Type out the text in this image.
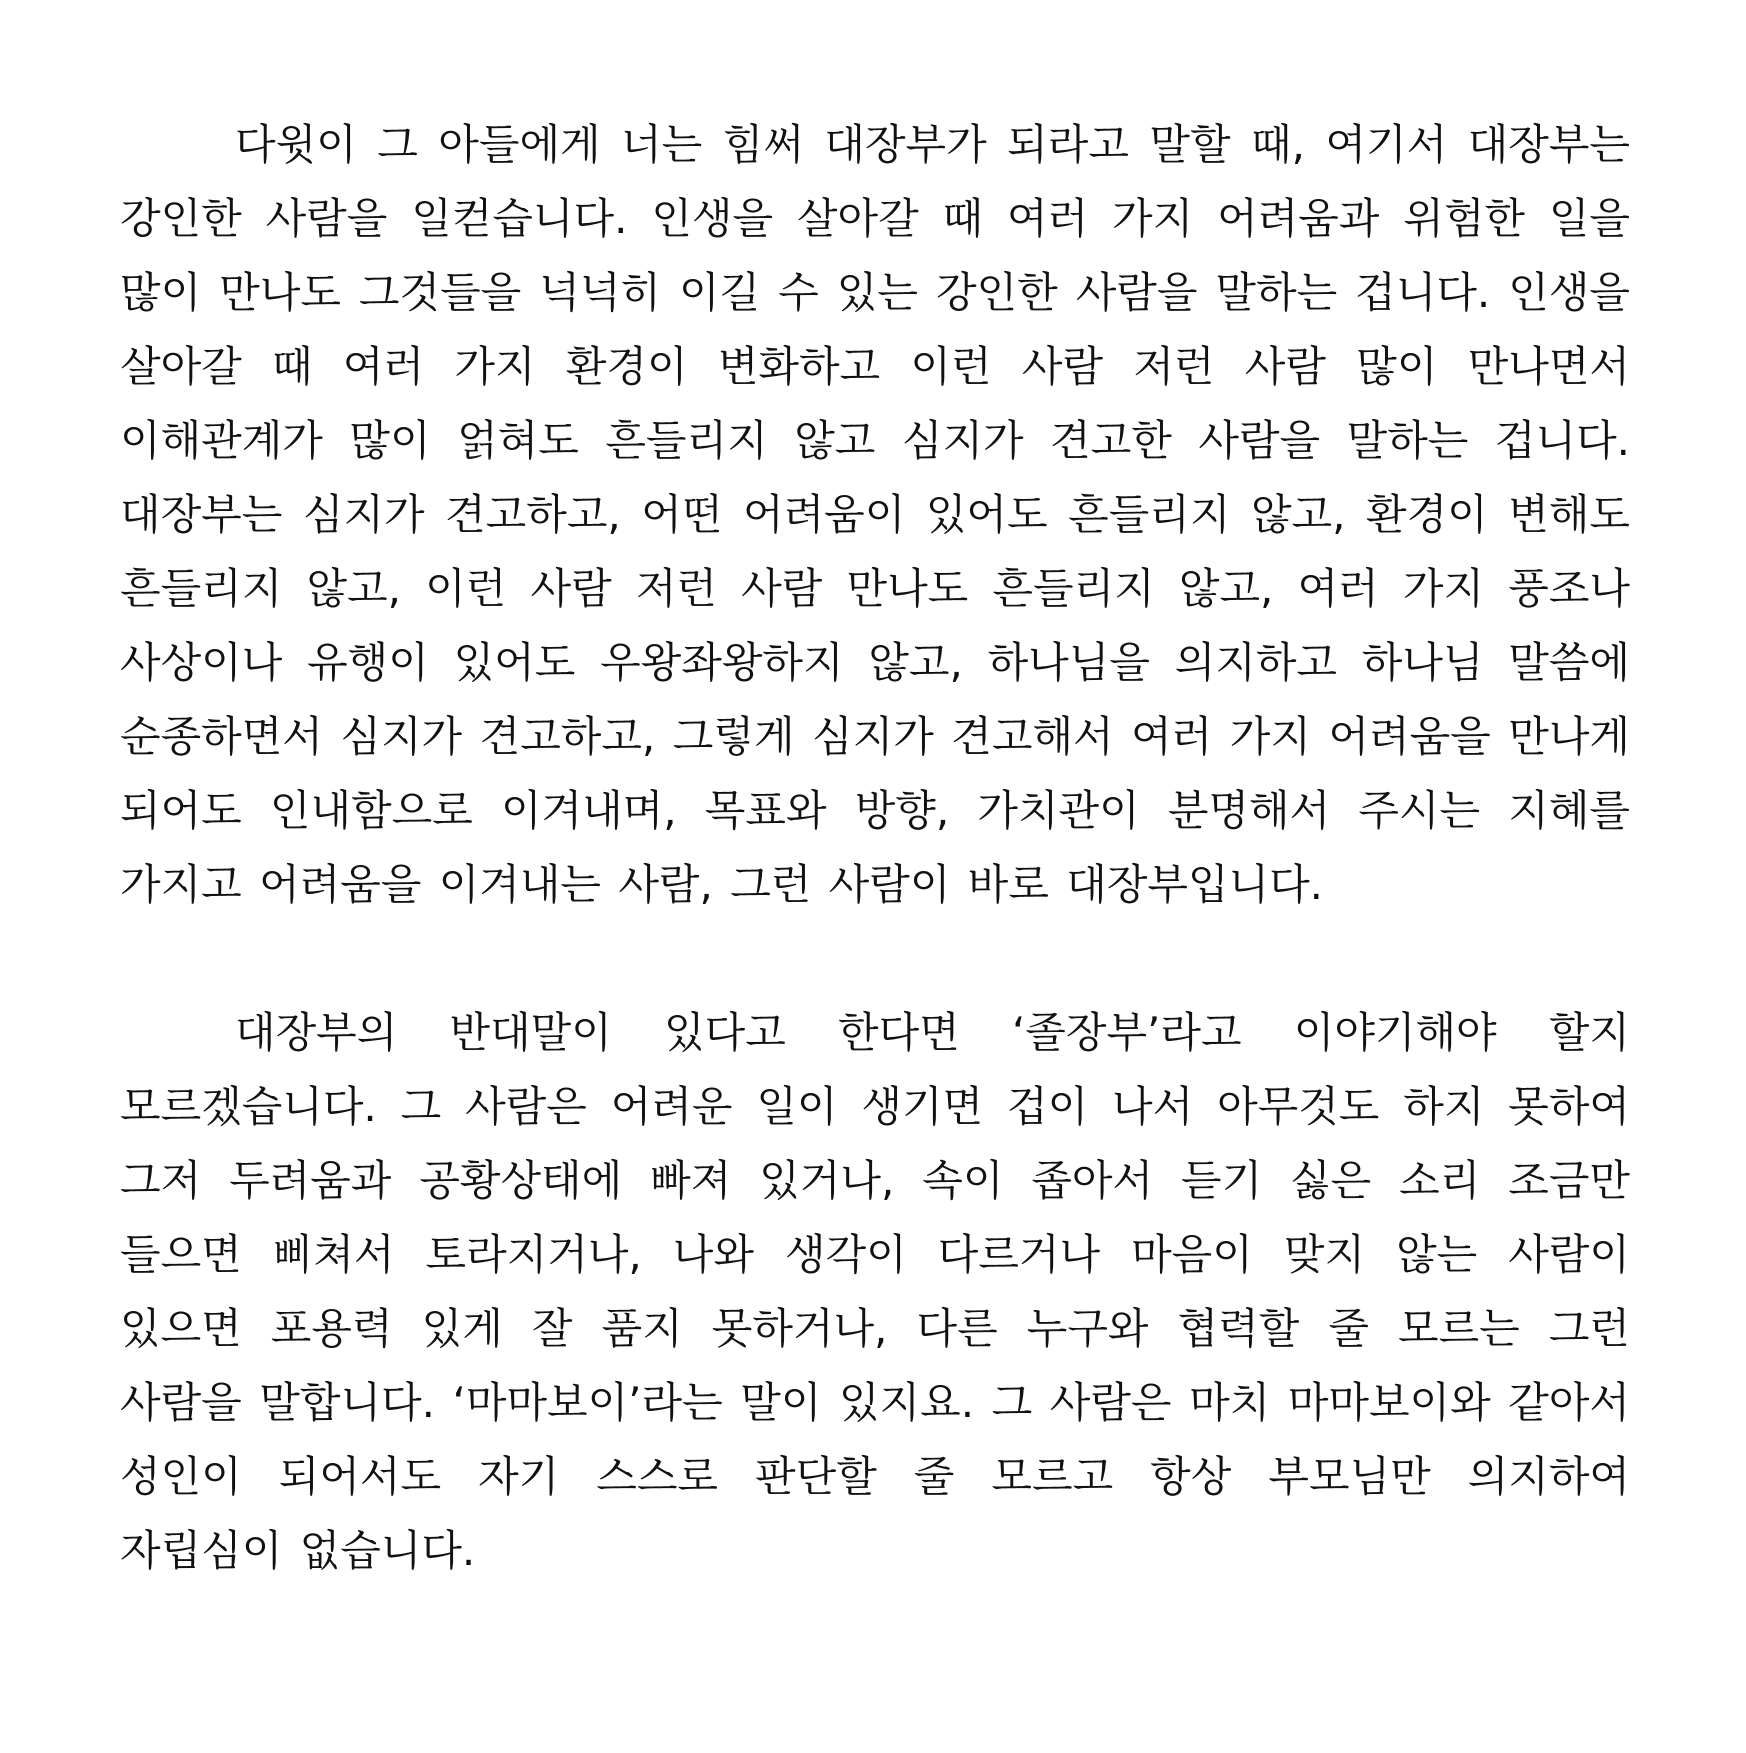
다윗이 그 아들에게 너는 힘써 대장부가 되라고 말할 때, 여기서 대장부는 강인한 사람을 일컫습니다. 인생을 살아갈 때 여러 가지 어려움과 위험한 일을 많이 만나도 그것들을 넉넉히 이길 수 있는 강인한 사람을 말하는 겁니다. 인생을 살아갈 때 여러 가지 환경이 변화하고 이런 사람 저런 사람 많이 만나면서 이해관계가 많이 얽혀도 흔들리지 않고 심지가 견고한 사람을 말하는 겁니다. 대장부는 심지가 견고하고, 어떤 어려움이 있어도 흔들리지 않고, 환경이 변해도 흔들리지 않고, 이런 사람 저런 사람 만나도 흔들리지 않고, 여러 가지 풍조나 사상이나 유행이 있어도 우왕좌왕하지 않고, 하나님을 의지하고 하나님 말씀에 순종하면서 심지가 견고하고, 그렇게 심지가 견고해서 여러 가지 어려움을 만나게 되어도 인내함으로 이겨내며, 목표와 방향, 가치관이 분명해서 주시는 지혜를 가지고 어려움을 이겨내는 사람, 그런 사람이 바로 대장부입니다.

대장부의 반대말이 있다고 한다면 ‘졸장부’라고 이야기해야 할지 모르겠습니다. 그 사람은 어려운 일이 생기면 겁이 나서 아무것도 하지 못하여 그저 두려움과 공황상태에 빠져 있거나, 속이 좁아서 듣기 싫은 소리 조금만 들으면 삐쳐서 토라지거나, 나와 생각이 다르거나 마음이 맞지 않는 사람이 있으면 포용력 있게 잘 품지 못하거나, 다른 누구와 협력할 줄 모르는 그런 사람을 말합니다. ‘마마보이’라는 말이 있지요. 그 사람은 마치 마마보이와 같아서 성인이 되어서도 자기 스스로 판단할 줄 모르고 항상 부모님만 의지하여 자립심이 없습니다.
